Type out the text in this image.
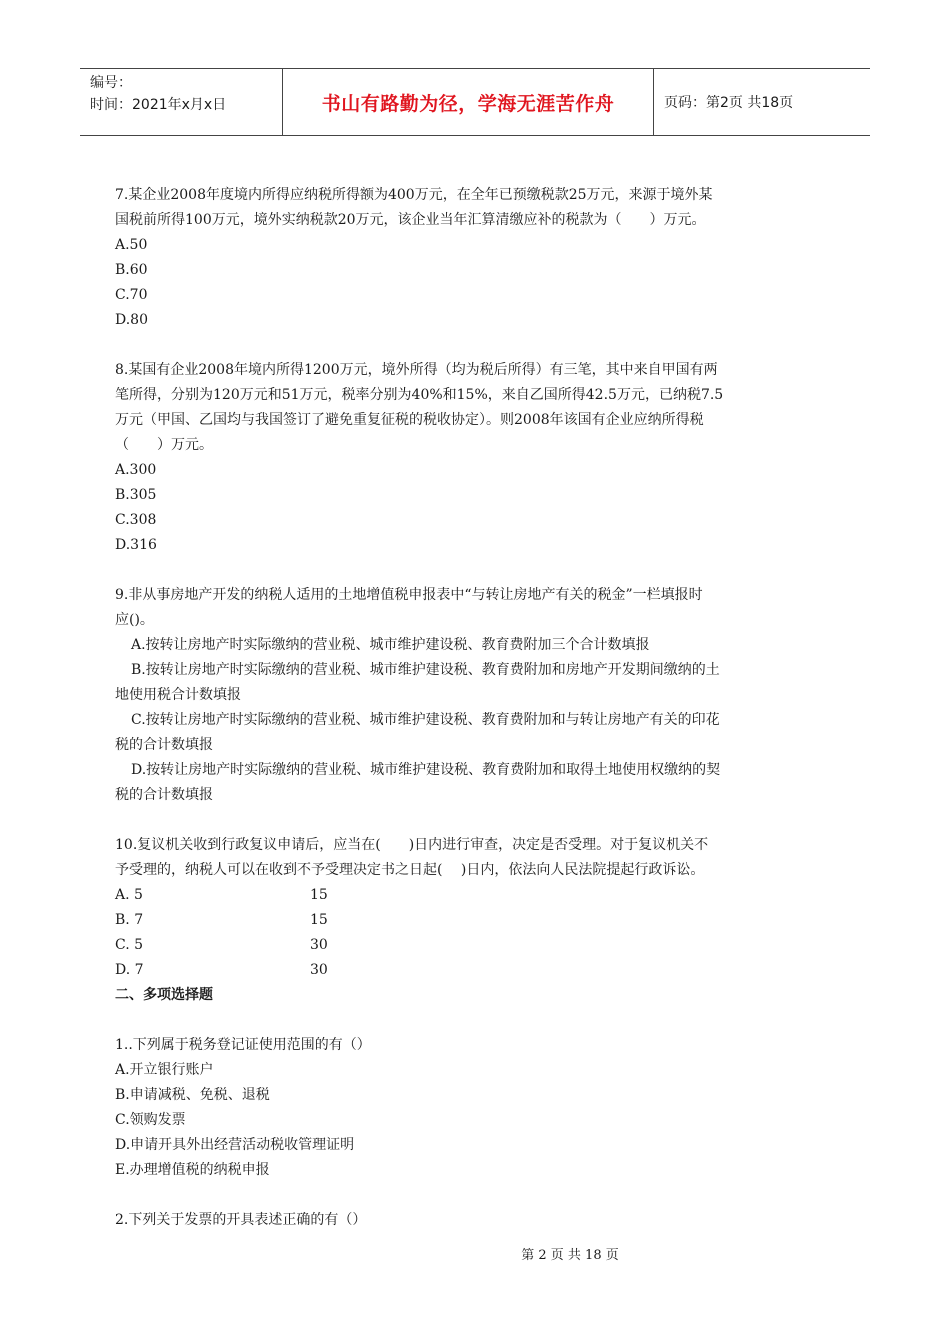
编号：
时间：2021年x月x日	书山有路勤为径，学海无涯苦作舟	页码：第2页 共18页

7.某企业2008年度境内所得应纳税所得额为400万元，在全年已预缴税款25万元，来源于境外某

国税前所得100万元，境外实纳税款20万元，该企业当年汇算清缴应补的税款为（　　）万元。

A.50

B.60

C.70

D.80

8.某国有企业2008年境内所得1200万元，境外所得（均为税后所得）有三笔，其中来自甲国有两

笔所得，分别为120万元和51万元，税率分别为40%和15%，来自乙国所得42.5万元，已纳税7.5

万元（甲国、乙国均与我国签订了避免重复征税的税收协定）。则2008年该国有企业应纳所得税

（　　）万元。

A.300

B.305

C.308

D.316

9.非从事房地产开发的纳税人适用的土地增值税申报表中“与转让房地产有关的税金”一栏填报时

应()。

A.按转让房地产时实际缴纳的营业税、城市维护建设税、教育费附加三个合计数填报

B.按转让房地产时实际缴纳的营业税、城市维护建设税、教育费附加和房地产开发期间缴纳的土

地使用税合计数填报

C.按转让房地产时实际缴纳的营业税、城市维护建设税、教育费附加和与转让房地产有关的印花

税的合计数填报

D.按转让房地产时实际缴纳的营业税、城市维护建设税、教育费附加和取得土地使用权缴纳的契

税的合计数填报

10.复议机关收到行政复议申请后，应当在(　　)日内进行审查，决定是否受理。对于复议机关不

予受理的，纳税人可以在收到不予受理决定书之日起(　 )日内，依法向人民法院提起行政诉讼。

A. 5	15
B. 7	15
C. 5	30
D. 7	30

二、多项选择题

1..下列属于税务登记证使用范围的有（）

A.开立银行账户

B.申请减税、免税、退税

C.领购发票

D.申请开具外出经营活动税收管理证明

E.办理增值税的纳税申报

2.下列关于发票的开具表述正确的有（）

第 2 页 共 18 页
